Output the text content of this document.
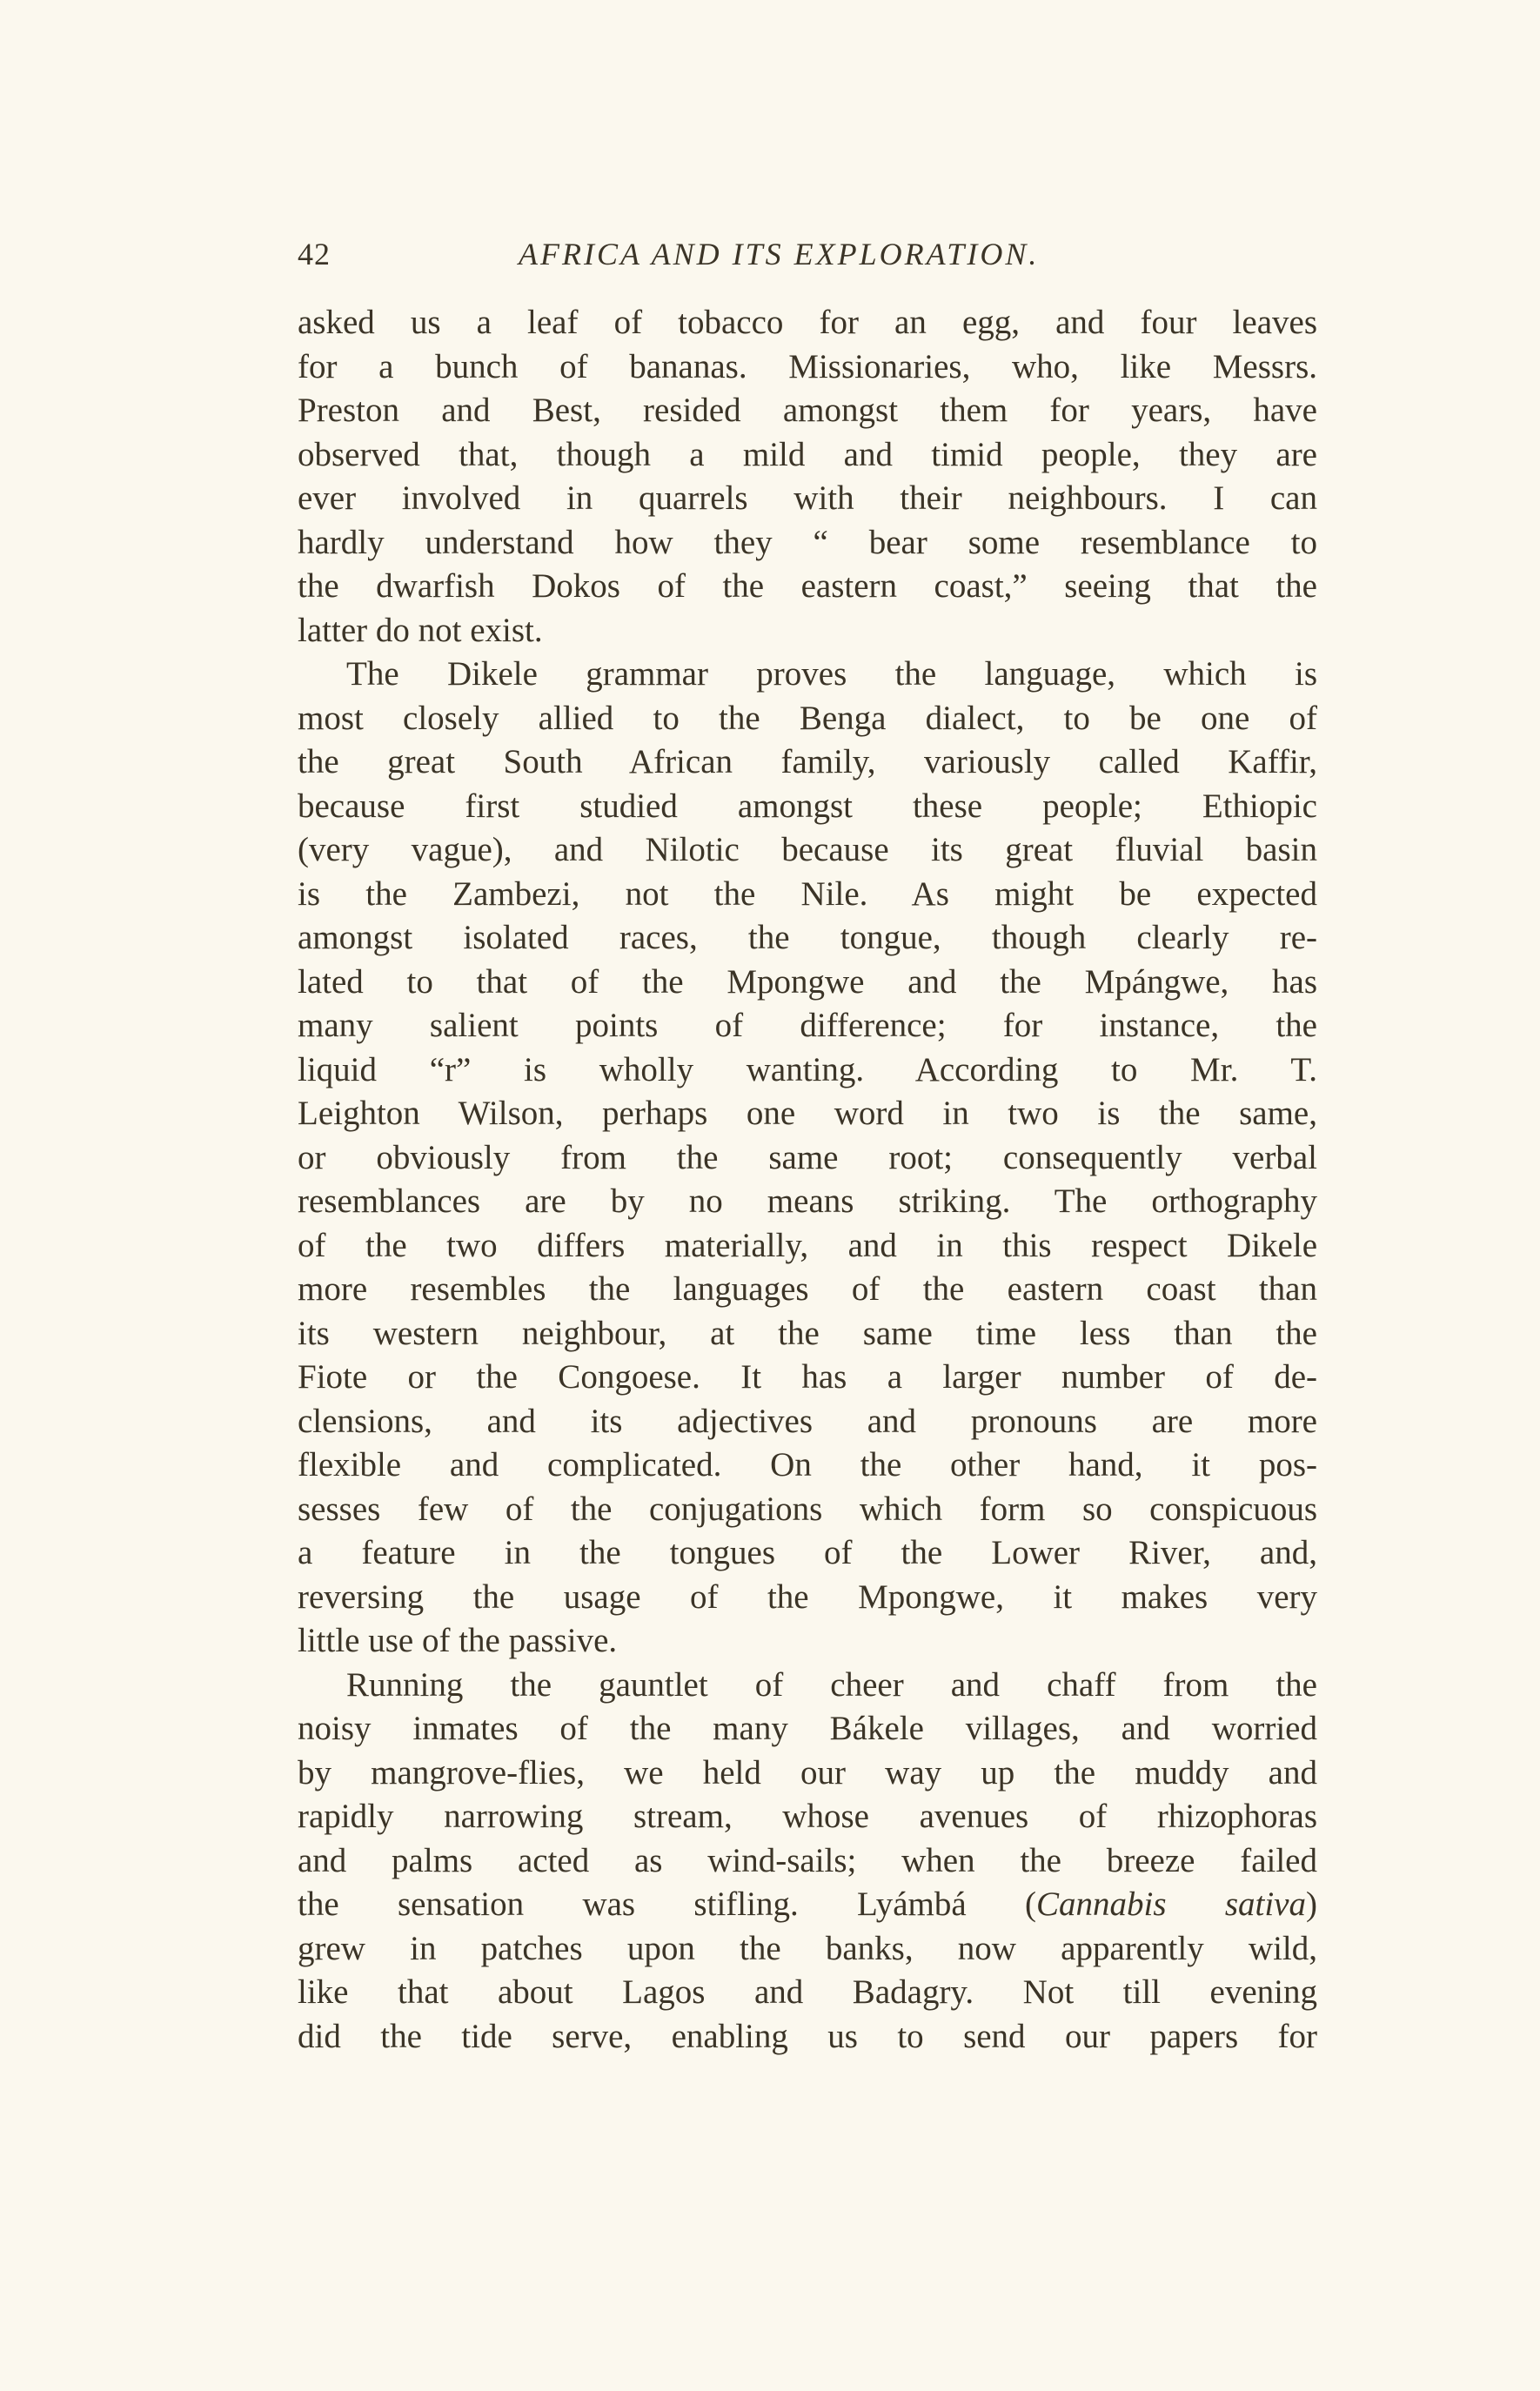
42	AFRICA AND ITS EXPLORATION.
asked us a leaf of tobacco for an egg, and four leaves
for a bunch of bananas. Missionaries, who, like Messrs.
Preston and Best, resided amongst them for years, have
observed that, though a mild and timid people, they are
ever involved in quarrels with their neighbours. I can
hardly understand how they “ bear some resemblance to
the dwarfish Dokos of the eastern coast,” seeing that the
latter do not exist.
The Dikele grammar proves the language, which is
most closely allied to the Benga dialect, to be one of
the great South African family, variously called Kaffir,
because first studied amongst these people; Ethiopic
(very vague), and Nilotic because its great fluvial basin
is the Zambezi, not the Nile. As might be expected
amongst isolated races, the tongue, though clearly re-
lated to that of the Mpongwe and the Mpángwe, has
many salient points of difference; for instance, the
liquid “r” is wholly wanting. According to Mr. T.
Leighton Wilson, perhaps one word in two is the same,
or obviously from the same root; consequently verbal
resemblances are by no means striking. The orthography
of the two differs materially, and in this respect Dikele
more resembles the languages of the eastern coast than
its western neighbour, at the same time less than the
Fiote or the Congoese. It has a larger number of de-
clensions, and its adjectives and pronouns are more
flexible and complicated. On the other hand, it pos-
sesses few of the conjugations which form so conspicuous
a feature in the tongues of the Lower River, and,
reversing the usage of the Mpongwe, it makes very
little use of the passive.
Running the gauntlet of cheer and chaff from the
noisy inmates of the many Bákele villages, and worried
by mangrove-flies, we held our way up the muddy and
rapidly narrowing stream, whose avenues of rhizophoras
and palms acted as wind-sails; when the breeze failed
the sensation was stifling. Lyámbá (Cannabis sativa)
grew in patches upon the banks, now apparently wild,
like that about Lagos and Badagry. Not till evening
did the tide serve, enabling us to send our papers for
